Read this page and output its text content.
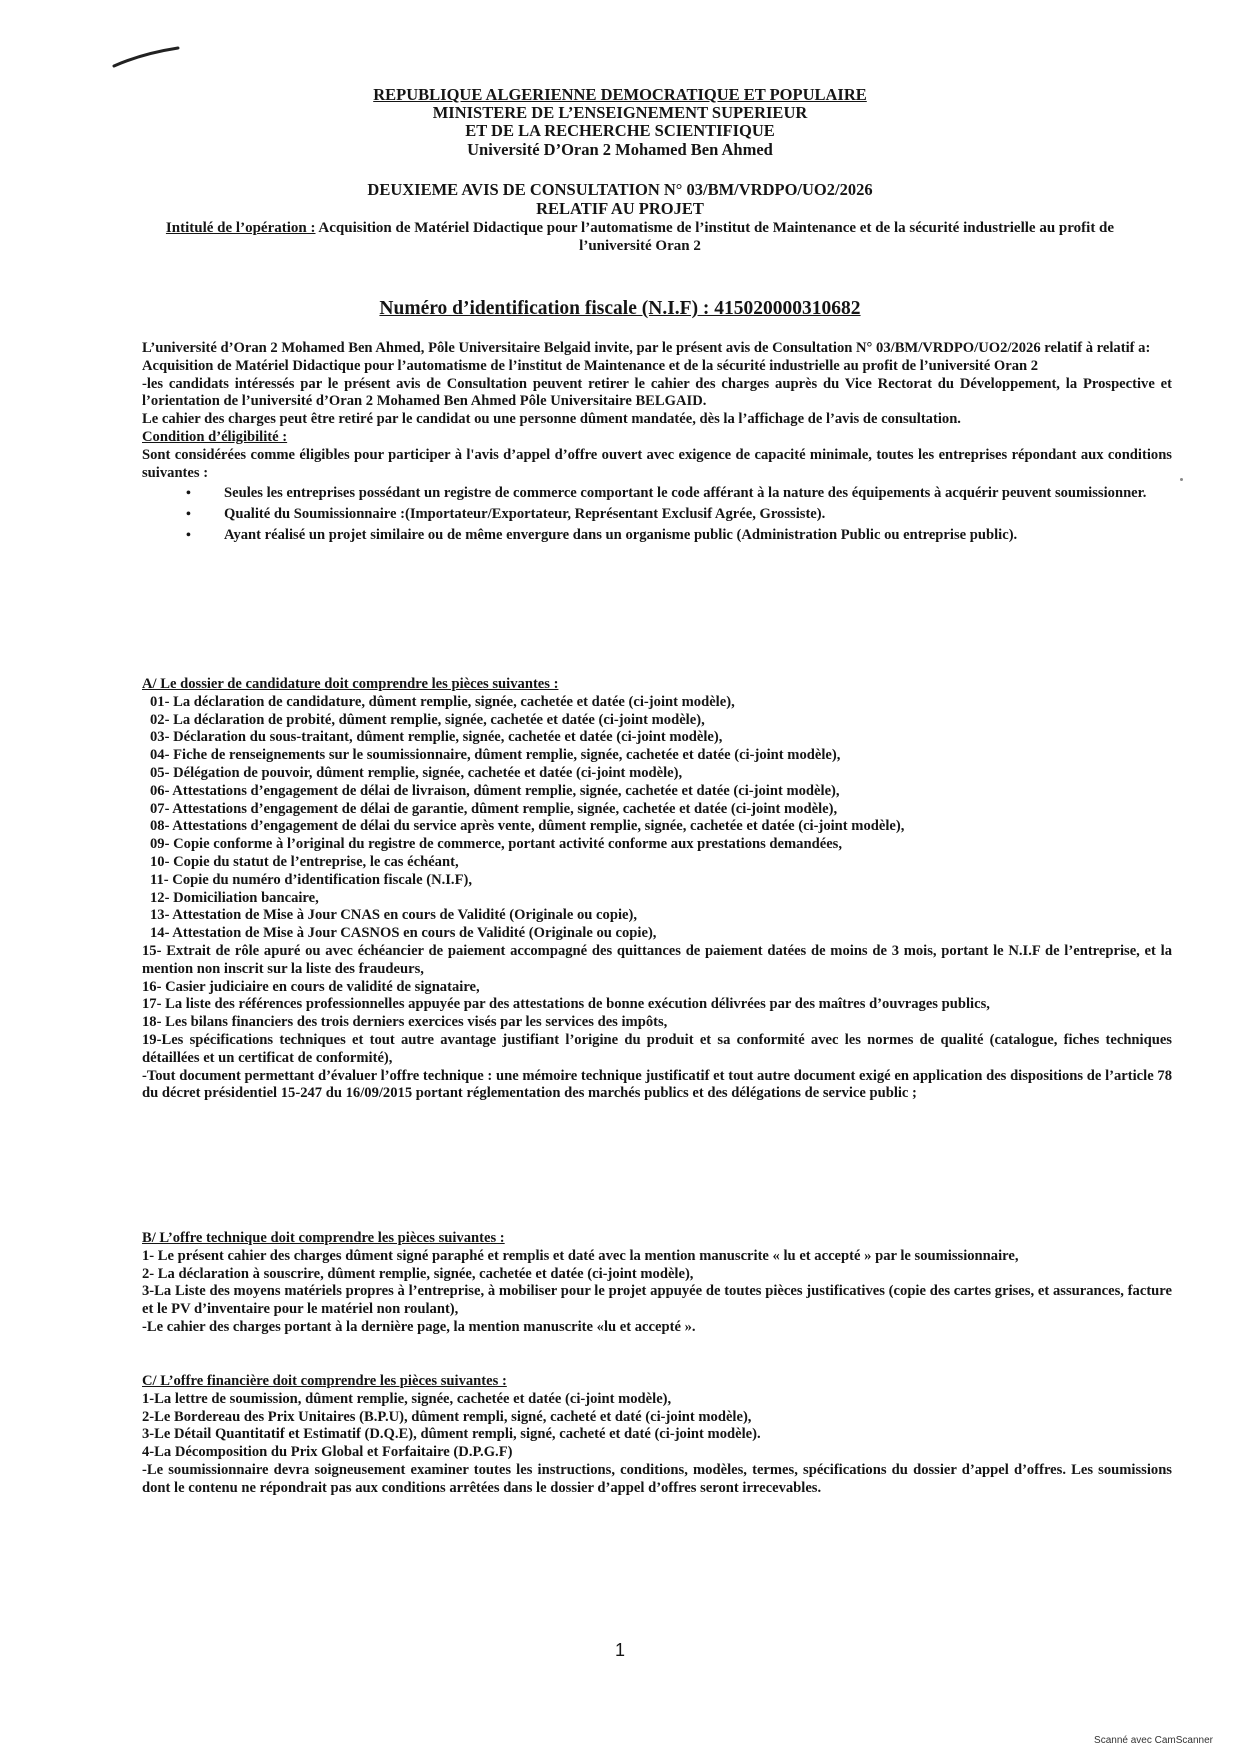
REPUBLIQUE ALGERIENNE DEMOCRATIQUE ET POPULAIRE
MINISTERE DE L’ENSEIGNEMENT SUPERIEUR
ET DE LA RECHERCHE SCIENTIFIQUE
Université D’Oran 2 Mohamed Ben Ahmed
DEUXIEME AVIS DE CONSULTATION N° 03/BM/VRDPO/UO2/2026
RELATIF AU PROJET
Intitulé de l’opération : Acquisition de Matériel Didactique pour l’automatisme de l’institut de Maintenance et de la sécurité industrielle au profit de l’université Oran 2
Numéro d’identification fiscale (N.I.F) : 415020000310682

L’université d’Oran 2 Mohamed Ben Ahmed, Pôle Universitaire Belgaid invite, par le présent avis de Consultation N° 03/BM/VRDPO/UO2/2026 relatif à relatif a:

Acquisition de Matériel Didactique pour l’automatisme de l’institut de Maintenance et de la sécurité industrielle au profit de l’université Oran 2

-les candidats intéressés par le présent avis de Consultation peuvent retirer le cahier des charges auprès du Vice Rectorat du Développement, la Prospective et l’orientation de l’université d’Oran 2 Mohamed Ben Ahmed Pôle Universitaire BELGAID.

Le cahier des charges peut être retiré par le candidat ou une personne dûment mandatée, dès la l’affichage de l’avis de consultation.

Condition d’éligibilité :

Sont considérées comme éligibles pour participer à l'avis d’appel d’offre ouvert avec exigence de capacité minimale, toutes les entreprises répondant aux conditions suivantes :

• Seules les entreprises possédant un registre de commerce comportant le code afférant à la nature des équipements à acquérir peuvent soumissionner.

• Qualité du Soumissionnaire :(Importateur/Exportateur, Représentant Exclusif Agrée, Grossiste).

• Ayant réalisé un projet similaire ou de même envergure dans un organisme public (Administration Public ou entreprise public).

A/ Le dossier de candidature doit comprendre les pièces suivantes :

01- La déclaration de candidature, dûment remplie, signée, cachetée et datée (ci-joint modèle),

02- La déclaration de probité, dûment remplie, signée, cachetée et datée (ci-joint modèle),

03- Déclaration du sous-traitant, dûment remplie, signée, cachetée et datée (ci-joint modèle),

04- Fiche de renseignements sur le soumissionnaire, dûment remplie, signée, cachetée et datée (ci-joint modèle),

05- Délégation de pouvoir, dûment remplie, signée, cachetée et datée (ci-joint modèle),

06- Attestations d’engagement de délai de livraison, dûment remplie, signée, cachetée et datée (ci-joint modèle),

07- Attestations d’engagement de délai de garantie, dûment remplie, signée, cachetée et datée (ci-joint modèle),

08- Attestations d’engagement de délai du service après vente, dûment remplie, signée, cachetée et datée (ci-joint modèle),

09- Copie conforme à l’original du registre de commerce, portant activité conforme aux prestations demandées,

10- Copie du statut de l’entreprise, le cas échéant,

11- Copie du numéro d’identification fiscale (N.I.F),

12- Domiciliation bancaire,

13- Attestation de Mise à Jour CNAS en cours de Validité (Originale ou copie),

14- Attestation de Mise à Jour CASNOS en cours de Validité (Originale ou copie),

15- Extrait de rôle apuré ou avec échéancier de paiement accompagné des quittances de paiement datées de moins de 3 mois, portant le N.I.F de l’entreprise, et la mention non inscrit sur la liste des fraudeurs,

16- Casier judiciaire en cours de validité de signataire,

17- La liste des références professionnelles appuyée par des attestations de bonne exécution délivrées par des maîtres d’ouvrages publics,

18- Les bilans financiers des trois derniers exercices visés par les services des impôts,

19-Les spécifications techniques et tout autre avantage justifiant l’origine du produit et sa conformité avec les normes de qualité (catalogue, fiches techniques détaillées et un certificat de conformité),

-Tout document permettant d’évaluer l’offre technique : une mémoire technique justificatif et tout autre document exigé en application des dispositions de l’article 78 du décret présidentiel 15-247 du 16/09/2015 portant réglementation des marchés publics et des délégations de service public ;

B/ L’offre technique doit comprendre les pièces suivantes :

1- Le présent cahier des charges dûment signé paraphé et remplis et daté avec la mention manuscrite « lu et accepté » par le soumissionnaire,

2- La déclaration à souscrire, dûment remplie, signée, cachetée et datée (ci-joint modèle),

3-La Liste des moyens matériels propres à l’entreprise, à mobiliser pour le projet appuyée de toutes pièces justificatives (copie des cartes grises, et assurances, facture et le PV d’inventaire pour le matériel non roulant),

-Le cahier des charges portant à la dernière page, la mention manuscrite «lu et accepté ».

C/ L’offre financière doit comprendre les pièces suivantes :

1-La lettre de soumission, dûment remplie, signée, cachetée et datée (ci-joint modèle),

2-Le Bordereau des Prix Unitaires (B.P.U), dûment rempli, signé, cacheté et daté (ci-joint modèle),

3-Le Détail Quantitatif et Estimatif (D.Q.E), dûment rempli, signé, cacheté et daté (ci-joint modèle).

4-La Décomposition du Prix Global et Forfaitaire (D.P.G.F)

-Le soumissionnaire devra soigneusement examiner toutes les instructions, conditions, modèles, termes, spécifications du dossier d’appel d’offres. Les soumissions dont le contenu ne répondrait pas aux conditions arrêtées dans le dossier d’appel d’offres seront irrecevables.

1
Scanné avec CamScanner
